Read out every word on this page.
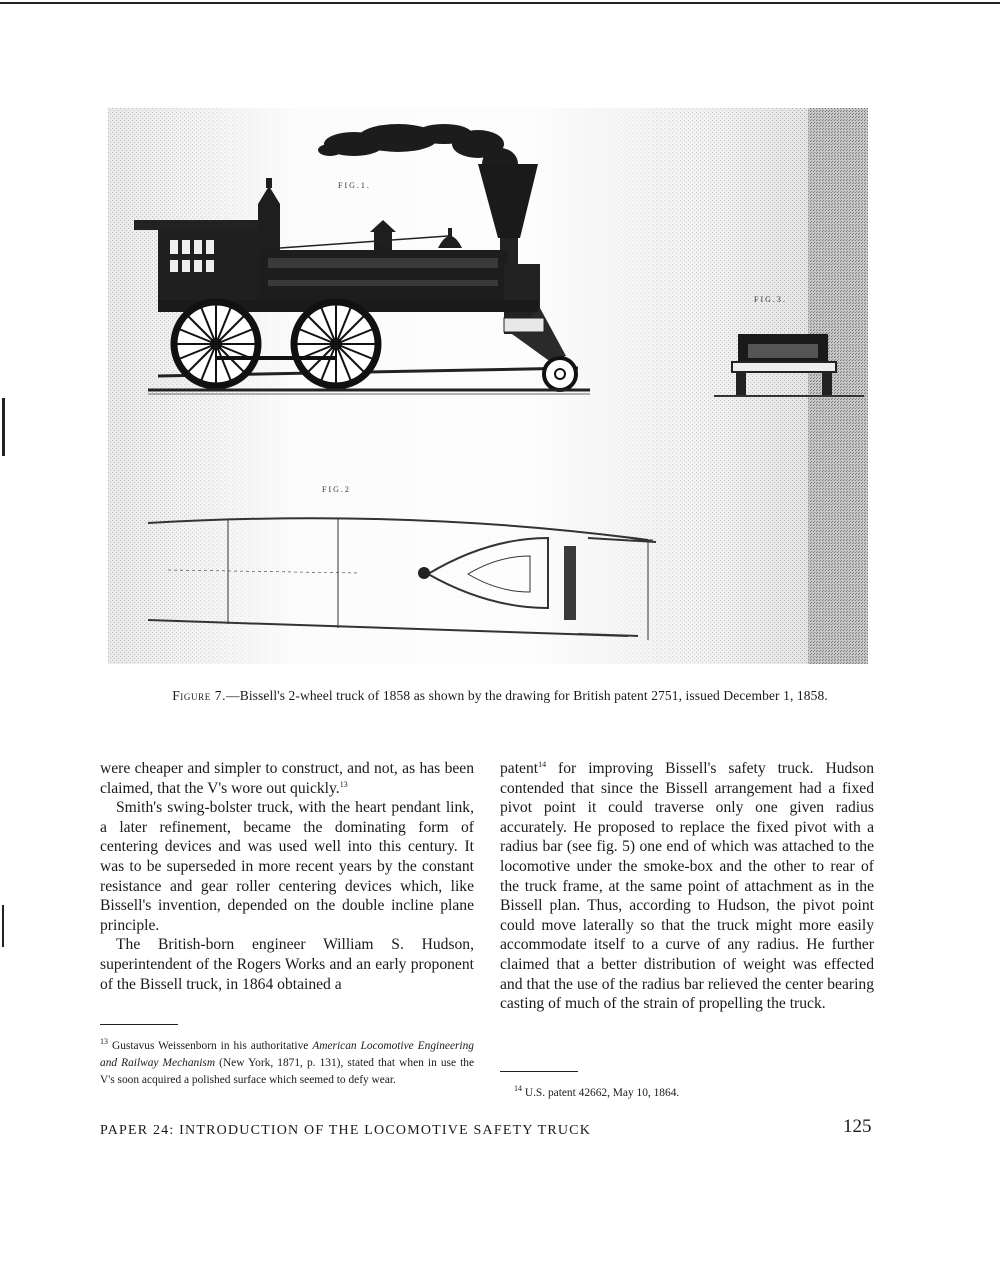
F I G . 1 .
F I G . 3 .
F I G . 2
Figure 7.—Bissell's 2-wheel truck of 1858 as shown by the drawing for British patent 2751, issued December 1, 1858.

were cheaper and simpler to construct, and not, as has been claimed, that the V's wore out quickly.$^{13}$

Smith's swing-bolster truck, with the heart pendant link, a later refinement, became the dominating form of centering devices and was used well into this century. It was to be superseded in more recent years by the constant resistance and gear roller centering devices which, like Bissell's invention, depended on the double incline plane principle.

The British-born engineer William S. Hudson, superintendent of the Rogers Works and an early proponent of the Bissell truck, in 1864 obtained a

patent$^{14}$ for improving Bissell's safety truck. Hudson contended that since the Bissell arrangement had a fixed pivot point it could traverse only one given radius accurately. He proposed to replace the fixed pivot with a radius bar (see fig. 5) one end of which was attached to the locomotive under the smoke-box and the other to rear of the truck frame, at the same point of attachment as in the Bissell plan. Thus, according to Hudson, the pivot point could move laterally so that the truck might more easily accommodate itself to a curve of any radius. He further claimed that a better distribution of weight was effected and that the use of the radius bar relieved the center bearing casting of much of the strain of propelling the truck.

$^{13}$ Gustavus Weissenborn in his authoritative American Locomotive Engineering and Railway Mechanism (New York, 1871, p. 131), stated that when in use the V's soon acquired a polished surface which seemed to defy wear.
$^{14}$ U.S. patent 42662, May 10, 1864.
PAPER 24: INTRODUCTION OF THE LOCOMOTIVE SAFETY TRUCK	125
